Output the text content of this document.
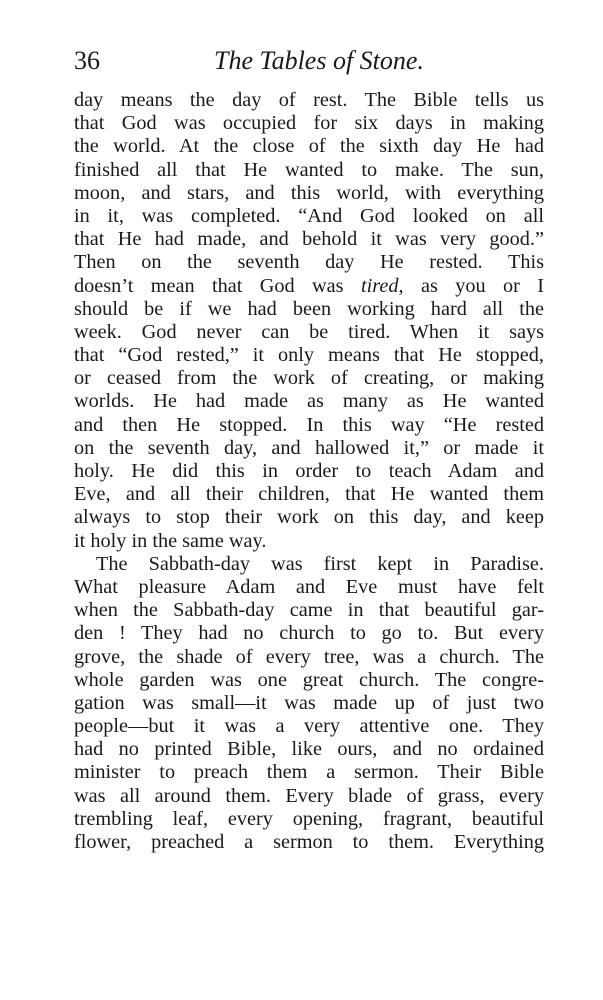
36	The Tables of Stone.
day means the day of rest. The Bible tells us
that God was occupied for six days in making
the world. At the close of the sixth day He had
finished all that He wanted to make. The sun,
moon, and stars, and this world, with everything
in it, was completed. “And God looked on all
that He had made, and behold it was very good.”
Then on the seventh day He rested. This
doesn’t mean that God was tired, as you or I
should be if we had been working hard all the
week. God never can be tired. When it says
that “God rested,” it only means that He stopped,
or ceased from the work of creating, or making
worlds. He had made as many as He wanted
and then He stopped. In this way “He rested
on the seventh day, and hallowed it,” or made it
holy. He did this in order to teach Adam and
Eve, and all their children, that He wanted them
always to stop their work on this day, and keep
it holy in the same way.
The Sabbath-day was first kept in Paradise.
What pleasure Adam and Eve must have felt
when the Sabbath-day came in that beautiful gar-
den ! They had no church to go to. But every
grove, the shade of every tree, was a church. The
whole garden was one great church. The congre-
gation was small—it was made up of just two
people—but it was a very attentive one. They
had no printed Bible, like ours, and no ordained
minister to preach them a sermon. Their Bible
was all around them. Every blade of grass, every
trembling leaf, every opening, fragrant, beautiful
flower, preached a sermon to them. Everything
